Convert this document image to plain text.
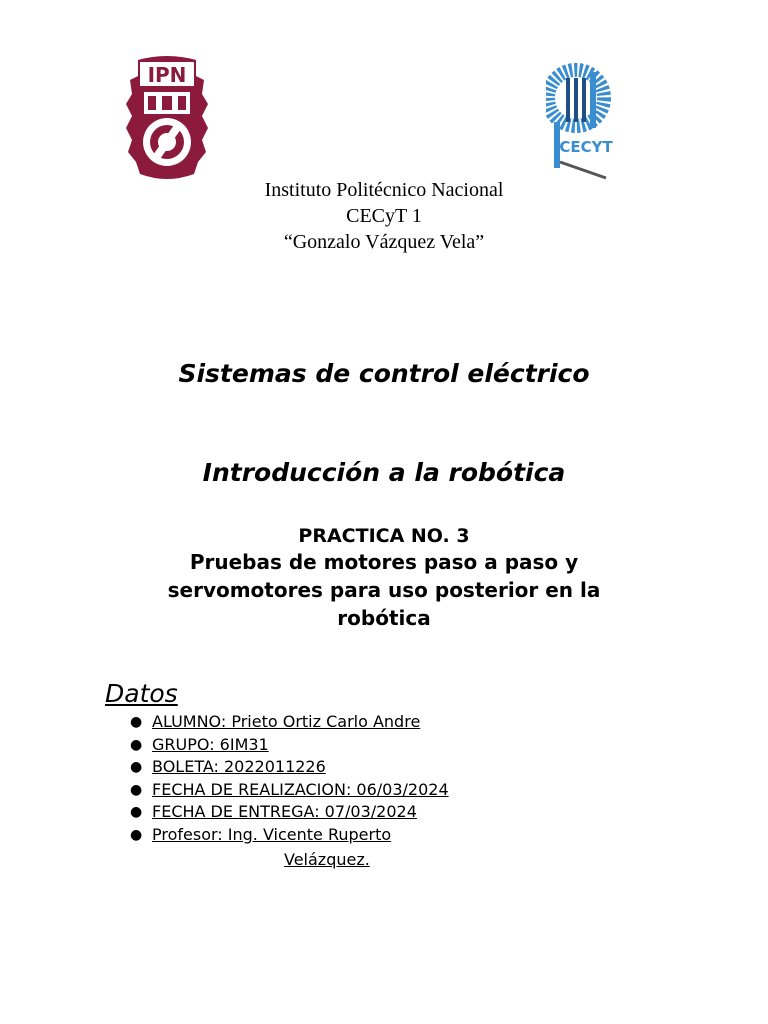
IPN
CECYT
Instituto Politécnico Nacional
CECyT 1
“Gonzalo Vázquez Vela”
Sistemas de control eléctrico
Introducción a la robótica
PRACTICA NO. 3
Pruebas de motores paso a paso y servomotores para uso posterior en la robótica
Datos
● ALUMNO: Prieto Ortiz Carlo Andre
● GRUPO: 6IM31
● BOLETA: 2022011226
● FECHA DE REALIZACION: 06/03/2024
● FECHA DE ENTREGA: 07/03/2024
● Profesor: Ing. Vicente Ruperto
Velázquez.
